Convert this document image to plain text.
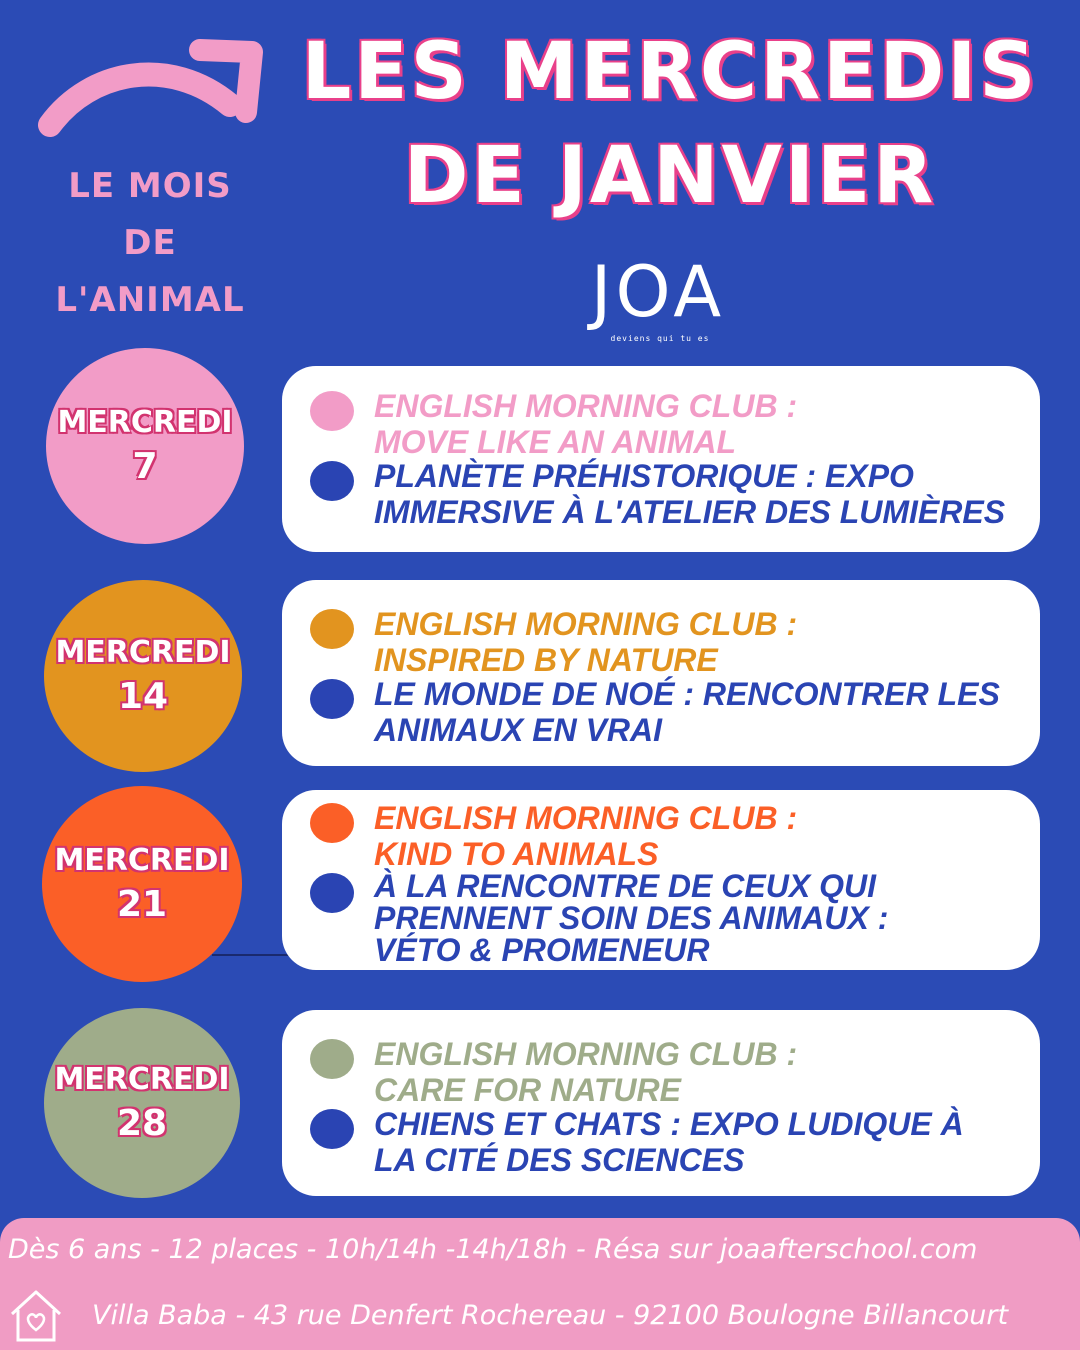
LES MERCREDIS
DE JANVIER
LE MOIS
DE
L'ANIMAL	JOA
deviens qui tu es
MERCREDI
7
ENGLISH MORNING CLUB :
MOVE LIKE AN ANIMAL
PLANÈTE PRÉHISTORIQUE : EXPO
IMMERSIVE À L'ATELIER DES LUMIÈRES
MERCREDI
14
ENGLISH MORNING CLUB :
INSPIRED BY NATURE
LE MONDE DE NOÉ : RENCONTRER LES
ANIMAUX EN VRAI
MERCREDI
21
ENGLISH MORNING CLUB :
KIND TO ANIMALS
À LA RENCONTRE DE CEUX QUI
PRENNENT SOIN DES ANIMAUX :
VÉTO & PROMENEUR
MERCREDI
28
ENGLISH MORNING CLUB :
CARE FOR NATURE
CHIENS ET CHATS : EXPO LUDIQUE À
LA CITÉ DES SCIENCES
Dès 6 ans - 12 places - 10h/14h -14h/18h - Résa sur joaafterschool.com
Villa Baba - 43 rue Denfert Rochereau - 92100 Boulogne Billancourt
